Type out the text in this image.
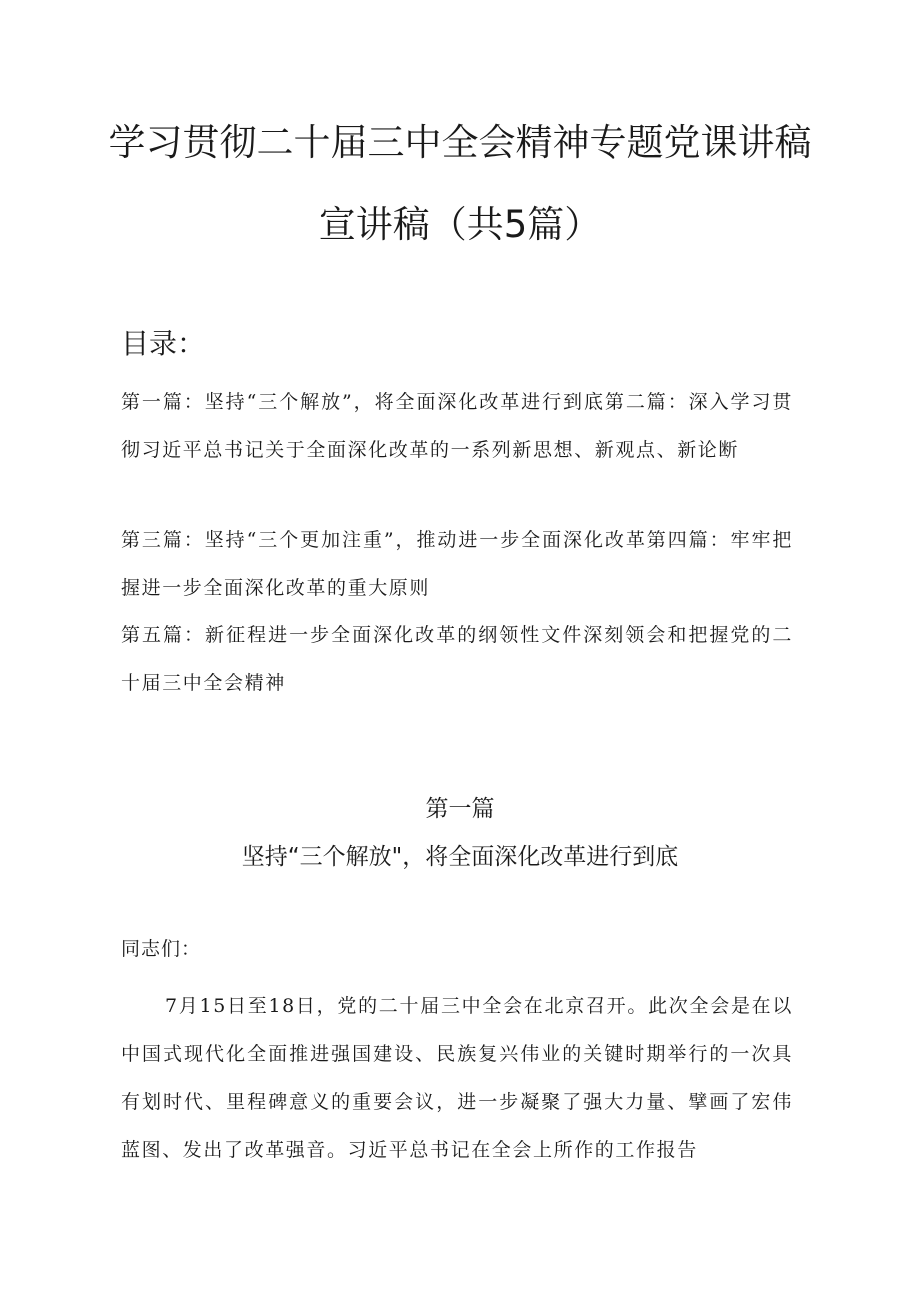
学习贯彻二十届三中全会精神专题党课讲稿
宣讲稿（共5篇）
目录：
第一篇：坚持“三个解放”，将全面深化改革进行到底第二篇：深入学习贯彻习近平总书记关于全面深化改革的一系列新思想、新观点、新论断
第三篇：坚持“三个更加注重”，推动进一步全面深化改革第四篇：牢牢把握进一步全面深化改革的重大原则
第五篇：新征程进一步全面深化改革的纲领性文件深刻领会和把握党的二十届三中全会精神
第一篇
坚持“三个解放"，将全面深化改革进行到底
同志们：
7月15日至18日，党的二十届三中全会在北京召开。此次全会是在以中国式现代化全面推进强国建设、民族复兴伟业的关键时期举行的一次具有划时代、里程碑意义的重要会议，进一步凝聚了强大力量、擘画了宏伟蓝图、发出了改革强音。习近平总书记在全会上所作的工作报告
